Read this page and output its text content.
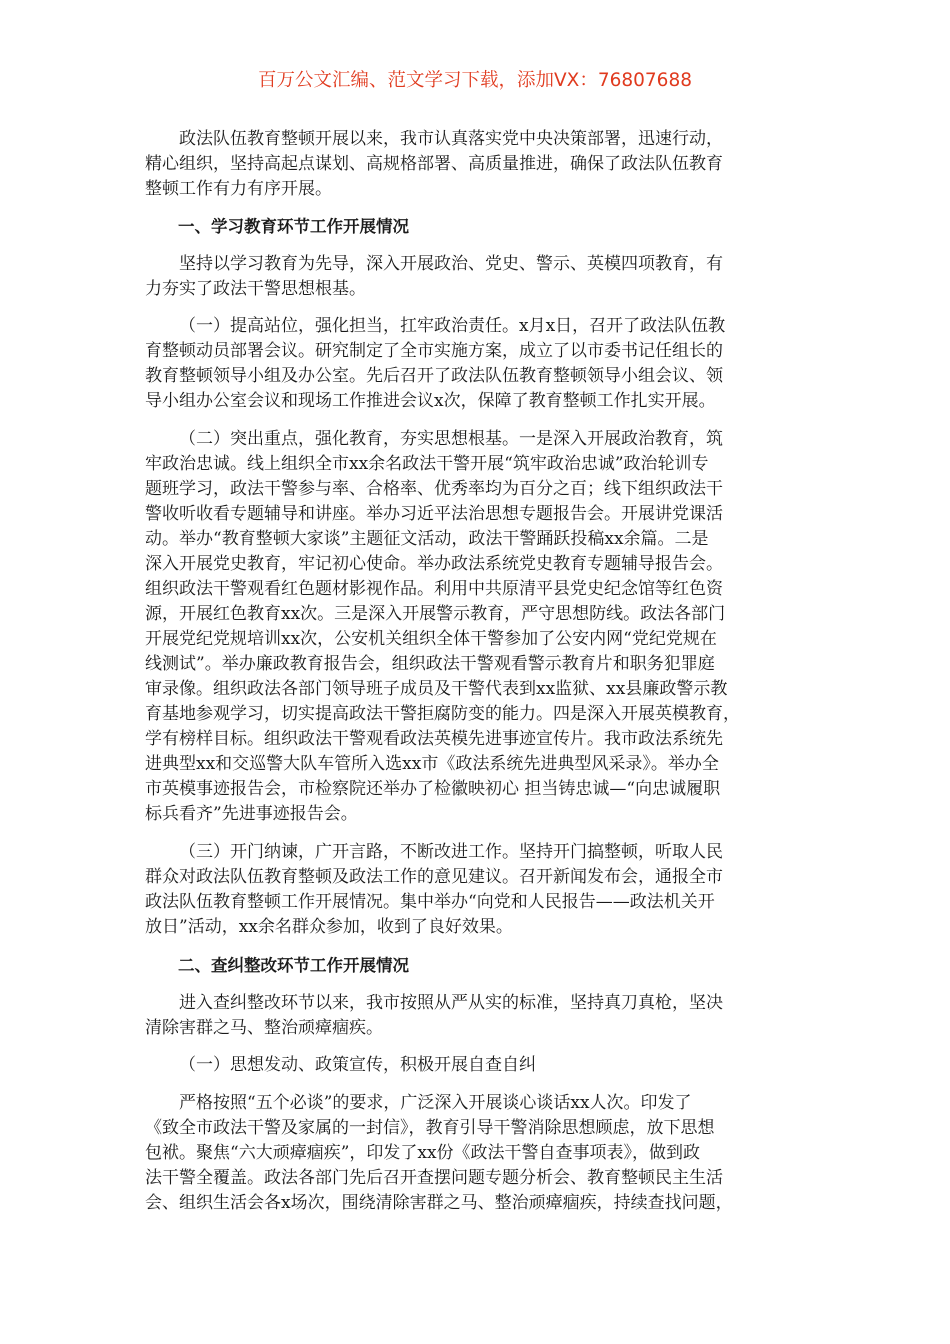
百万公文汇编、范文学习下载，添加VX：76807688

政法队伍教育整顿开展以来，我市认真落实党中央决策部署，迅速行动，
精心组织，坚持高起点谋划、高规格部署、高质量推进，确保了政法队伍教育
整顿工作有力有序开展。

一、学习教育环节工作开展情况

坚持以学习教育为先导，深入开展政治、党史、警示、英模四项教育，有
力夯实了政法干警思想根基。

（一）提高站位，强化担当，扛牢政治责任。x月x日，召开了政法队伍教
育整顿动员部署会议。研究制定了全市实施方案，成立了以市委书记任组长的
教育整顿领导小组及办公室。先后召开了政法队伍教育整顿领导小组会议、领
导小组办公室会议和现场工作推进会议x次，保障了教育整顿工作扎实开展。

（二）突出重点，强化教育，夯实思想根基。一是深入开展政治教育，筑
牢政治忠诚。线上组织全市xx余名政法干警开展“筑牢政治忠诚”政治轮训专
题班学习，政法干警参与率、合格率、优秀率均为百分之百；线下组织政法干
警收听收看专题辅导和讲座。举办习近平法治思想专题报告会。开展讲党课活
动。举办“教育整顿大家谈”主题征文活动，政法干警踊跃投稿xx余篇。二是
深入开展党史教育，牢记初心使命。举办政法系统党史教育专题辅导报告会。
组织政法干警观看红色题材影视作品。利用中共原清平县党史纪念馆等红色资
源，开展红色教育xx次。三是深入开展警示教育，严守思想防线。政法各部门
开展党纪党规培训xx次，公安机关组织全体干警参加了公安内网“党纪党规在
线测试”。举办廉政教育报告会，组织政法干警观看警示教育片和职务犯罪庭
审录像。组织政法各部门领导班子成员及干警代表到xx监狱、xx县廉政警示教
育基地参观学习，切实提高政法干警拒腐防变的能力。四是深入开展英模教育，
学有榜样目标。组织政法干警观看政法英模先进事迹宣传片。我市政法系统先
进典型xx和交巡警大队车管所入选xx市《政法系统先进典型风采录》。举办全
市英模事迹报告会，市检察院还举办了检徽映初心 担当铸忠诚—“向忠诚履职
标兵看齐”先进事迹报告会。

（三）开门纳谏，广开言路，不断改进工作。坚持开门搞整顿，听取人民
群众对政法队伍教育整顿及政法工作的意见建议。召开新闻发布会，通报全市
政法队伍教育整顿工作开展情况。集中举办“向党和人民报告——政法机关开
放日”活动，xx余名群众参加，收到了良好效果。

二、查纠整改环节工作开展情况

进入查纠整改环节以来，我市按照从严从实的标准，坚持真刀真枪，坚决
清除害群之马、整治顽瘴痼疾。

（一）思想发动、政策宣传，积极开展自查自纠

严格按照“五个必谈”的要求，广泛深入开展谈心谈话xx人次。印发了
《致全市政法干警及家属的一封信》，教育引导干警消除思想顾虑，放下思想
包袱。聚焦“六大顽瘴痼疾”，印发了xx份《政法干警自查事项表》，做到政
法干警全覆盖。政法各部门先后召开查摆问题专题分析会、教育整顿民主生活
会、组织生活会各x场次，围绕清除害群之马、整治顽瘴痼疾，持续查找问题，
